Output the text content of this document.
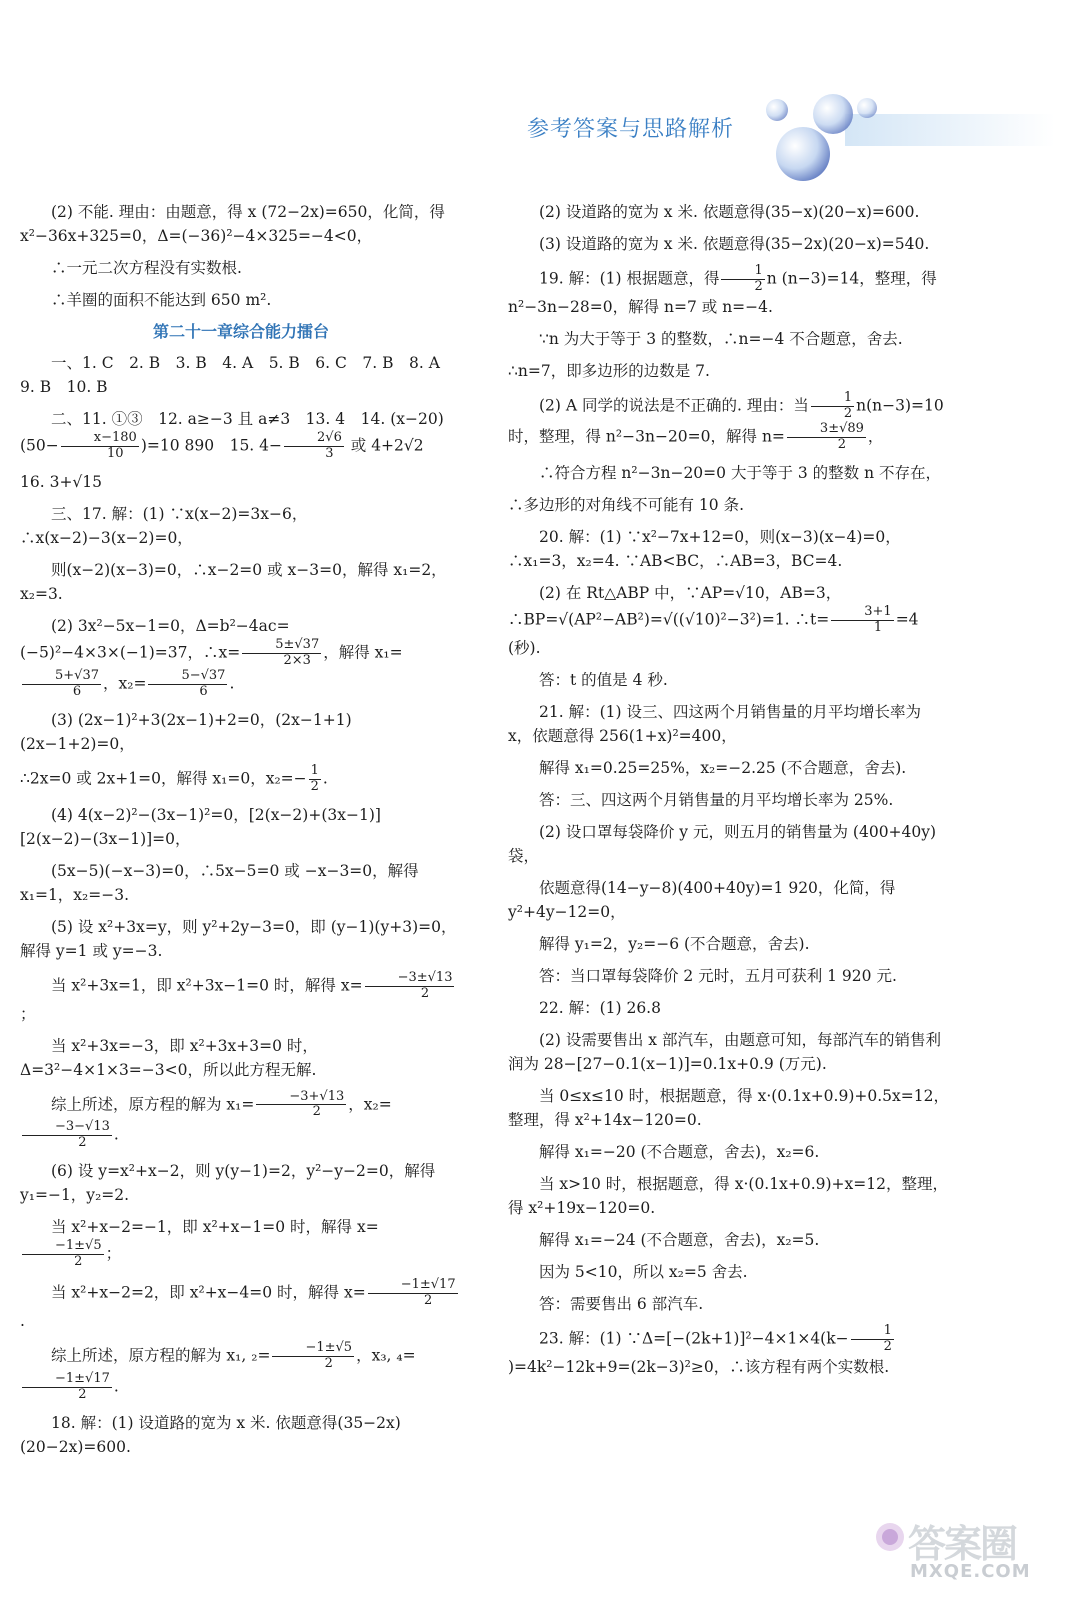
参考答案与思路解析

(2) 不能. 理由：由题意，得 x (72−2x)=650，化简，得 x²−36x+325=0，Δ=(−36)²−4×325=−4<0，

∴一元二次方程没有实数根.

∴羊圈的面积不能达到 650 m².

第二十一章综合能力擂台

一、1. C　2. B　3. B　4. A　5. B　6. C　7. B　8. A　9. B　10. B

二、11. ①③　12. a≥−3 且 a≠3　13. 4　14. $(x-20)(50- \frac{x-180}{10} )=10$ 890　15. $4- \frac{2√6}{3}$ 或 4+2√2

16. 3+√15

三、17. 解：(1) ∵x(x−2)=3x−6，∴x(x−2)−3(x−2)=0，

则(x−2)(x−3)=0，∴x−2=0 或 x−3=0，解得 x₁=2，x₂=3.

(2) 3x²−5x−1=0，Δ=b²−4ac=(−5)²−4×3×(−1)=37，∴x= $\frac{5\pm√37}{2\times 3}$ ，解得 x₁=
$\frac{5+√37}{6}$ ，$x_2= \frac{5-√37}{6}$ .

(3) (2x−1)²+3(2x−1)+2=0，(2x−1+1)(2x−1+2)=0，

∴2x=0 或 2x+1=0，解得 x₁=0，$x_2=- \frac{1}{2}$ .

(4) 4(x−2)²−(3x−1)²=0，[2(x−2)+(3x−1)][2(x−2)−(3x−1)]=0，

(5x−5)(−x−3)=0，∴5x−5=0 或 −x−3=0，解得 x₁=1，x₂=−3.

(5) 设 x²+3x=y，则 y²+2y−3=0，即 (y−1)(y+3)=0，解得 y=1 或 y=−3.

当 x²+3x=1，即 x²+3x−1=0 时，解得 $x= \frac{-3\pm√13}{2}$
；

当 x²+3x=−3，即 x²+3x+3=0 时，Δ=3²−4×1×3=−3<0，所以此方程无解.

综上所述，原方程的解为 $x_1= \frac{-3+√13}{2}$ ，x₂=
$\frac{-3-√13}{2}$ .

(6) 设 y=x²+x−2，则 y(y−1)=2，y²−y−2=0，解得 y₁=−1，y₂=2.

当 x²+x−2=−1，即 x²+x−1=0 时，解得 x=
$\frac{-1\pm√5}{2}$ ；

当 x²+x−2=2，即 x²+x−4=0 时，解得 $x= \frac{-1\pm√17}{2}$
.

综上所述，原方程的解为 x₁, $_2= \frac{-1\pm√5}{2}$ ，x₃, ₄=
$\frac{-1\pm√17}{2}$ .

18. 解：(1) 设道路的宽为 x 米. 依题意得(35−2x)(20−2x)=600.

(2) 设道路的宽为 x 米. 依题意得(35−x)(20−x)=600.

(3) 设道路的宽为 x 米. 依题意得(35−2x)(20−x)=540.

19. 解：(1) 根据题意，得 $\frac{1}{2}$ n (n−3)=14，整理，得 n²−3n−28=0，解得 n=7 或 n=−4.

∵n 为大于等于 3 的整数，∴n=−4 不合题意，舍去.

∴n=7，即多边形的边数是 7.

(2) A 同学的说法是不正确的. 理由：当 $\frac{1}{2} n(n-3)=10$ 时，整理，得 n²−3n−20=0，解得 $n= \frac{3\pm√89}{2}$ ，

∴符合方程 n²−3n−20=0 大于等于 3 的整数 n 不存在，

∴多边形的对角线不可能有 10 条.

20. 解：(1) ∵x²−7x+12=0，则(x−3)(x−4)=0，∴x₁=3，x₂=4. ∵AB<BC，∴AB=3，BC=4.

(2) 在 Rt△ABP 中，∵AP=√10，AB=3，∴BP=√(AP²−AB²)=√((√10)²−3²)=1. ∴t= $\frac{3+1}{1} =4$ (秒).

答：t 的值是 4 秒.

21. 解：(1) 设三、四这两个月销售量的月平均增长率为 x，依题意得 256(1+x)²=400，

解得 x₁=0.25=25%，x₂=−2.25 (不合题意，舍去).

答：三、四这两个月销售量的月平均增长率为 25%.

(2) 设口罩每袋降价 y 元，则五月的销售量为 (400+40y) 袋，

依题意得(14−y−8)(400+40y)=1 920，化简，得 y²+4y−12=0，

解得 y₁=2，y₂=−6 (不合题意，舍去).

答：当口罩每袋降价 2 元时，五月可获利 1 920 元.

22. 解：(1) 26.8

(2) 设需要售出 x 部汽车，由题意可知，每部汽车的销售利润为 28−[27−0.1(x−1)]=0.1x+0.9 (万元).

当 0≤x≤10 时，根据题意，得 x·(0.1x+0.9)+0.5x=12，整理，得 x²+14x−120=0.

解得 x₁=−20 (不合题意，舍去)，x₂=6.

当 x>10 时，根据题意，得 x·(0.1x+0.9)+x=12，整理，得 x²+19x−120=0.

解得 x₁=−24 (不合题意，舍去)，x₂=5.

因为 5<10，所以 x₂=5 舍去.

答：需要售出 6 部汽车.

23. 解：(1) ∵Δ=[−(2k+1)]²−4×1×4(k− $\frac{1}{2}$
)=4k²−12k+9=(2k−3)²≥0，∴该方程有两个实数根.

答案圈
MXQE.COM
